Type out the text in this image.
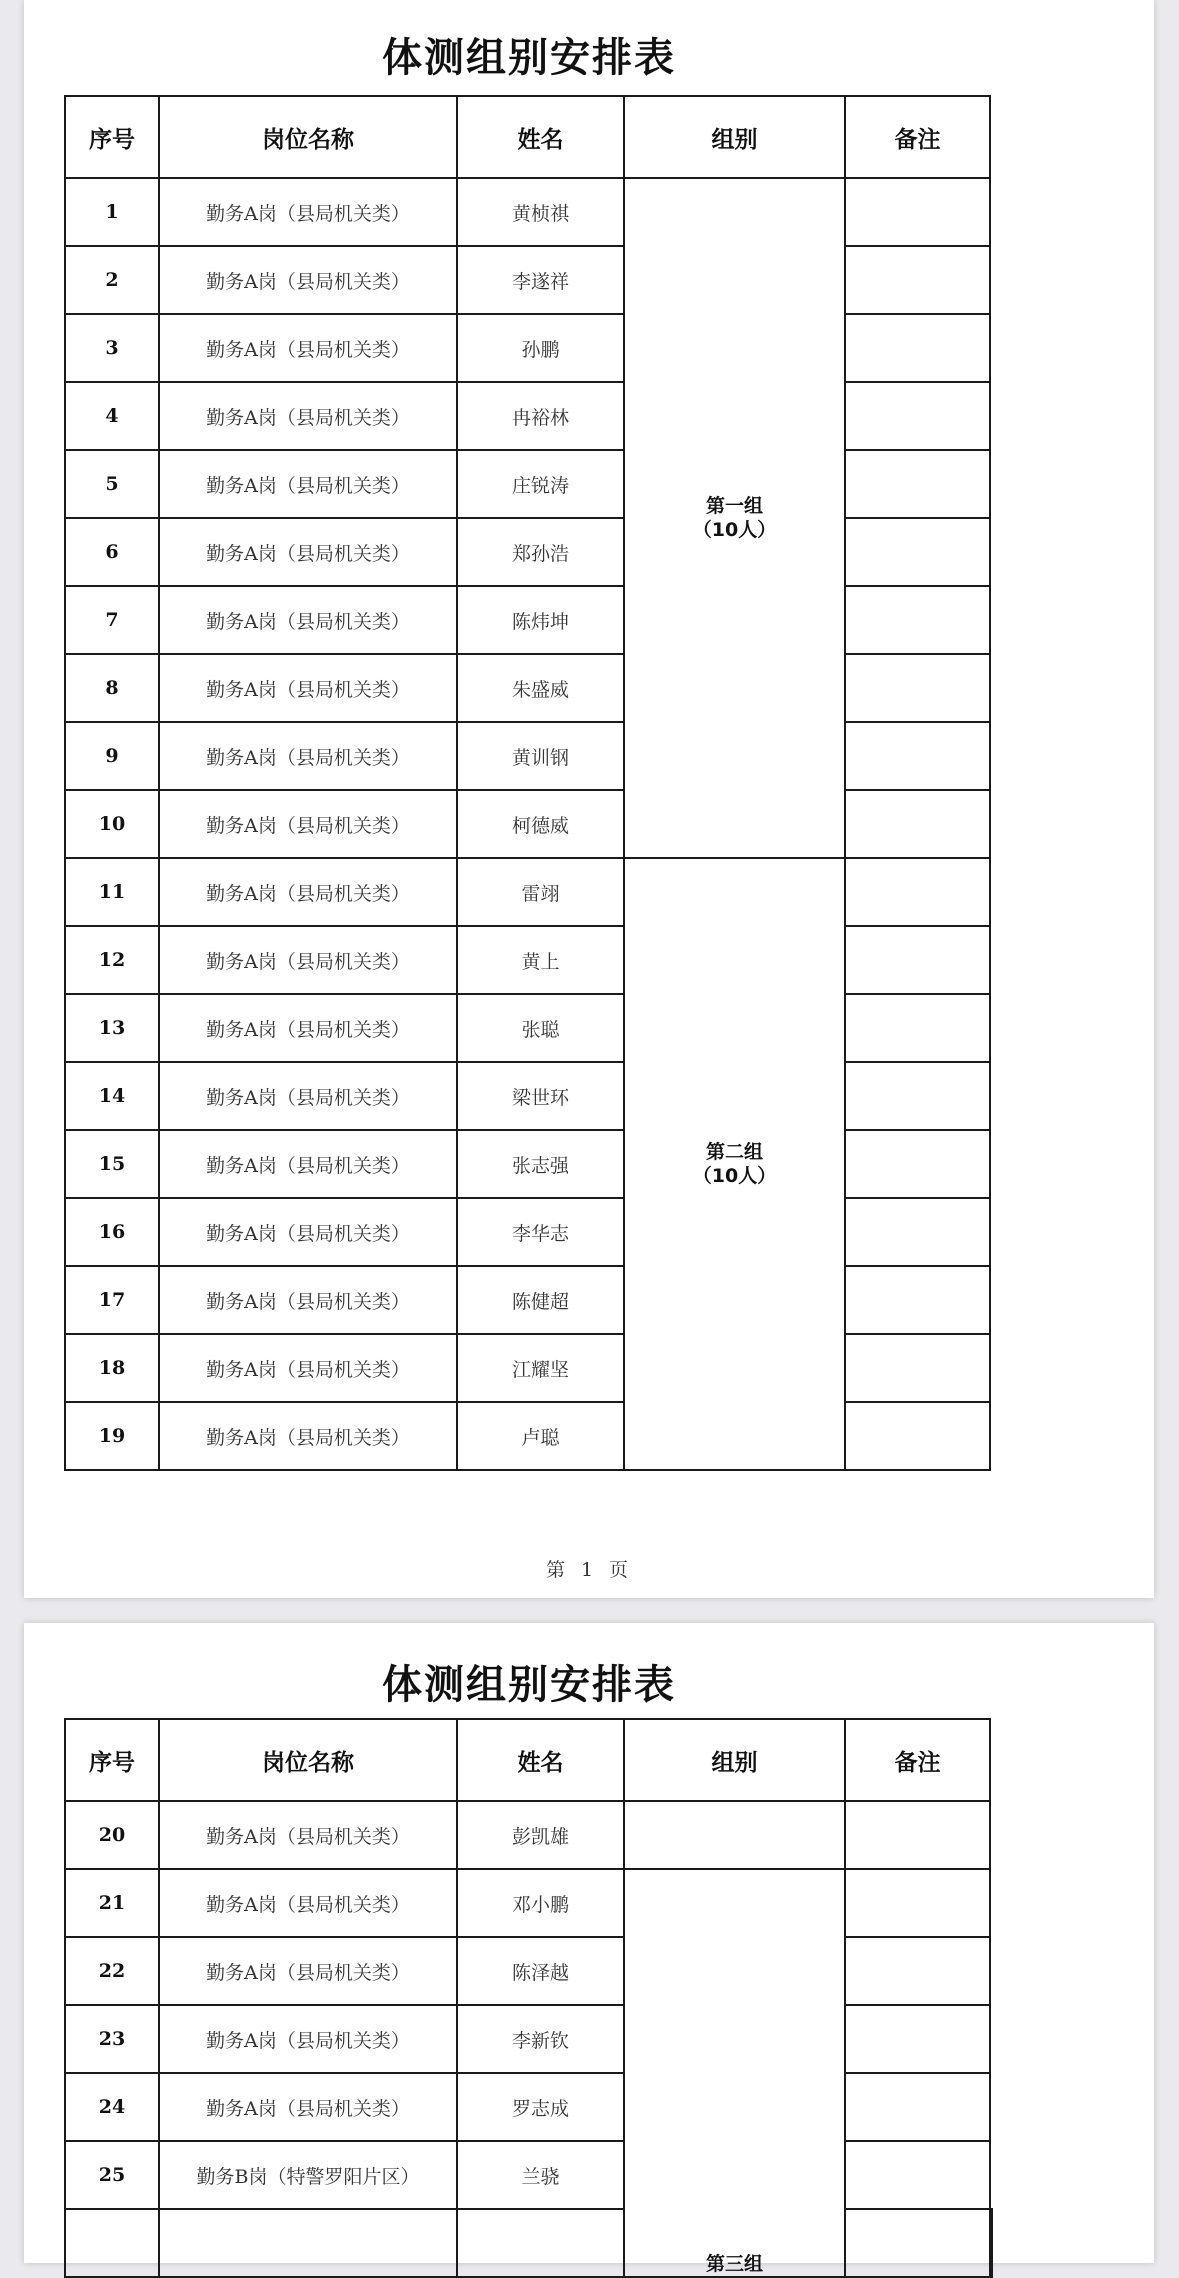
体测组别安排表
序号	岗位名称	姓名	组别	备注
1	勤务A岗（县局机关类）	黄桢祺	第一组
（10人）	

2	勤务A岗（县局机关类）	李遂祥		
3	勤务A岗（县局机关类）	孙鹏		
4	勤务A岗（县局机关类）	冉裕林		
5	勤务A岗（县局机关类）	庄锐涛		
6	勤务A岗（县局机关类）	郑孙浩		
7	勤务A岗（县局机关类）	陈炜坤		
8	勤务A岗（县局机关类）	朱盛威		
9	勤务A岗（县局机关类）	黄训钢		
10	勤务A岗（县局机关类）	柯德威		
11	勤务A岗（县局机关类）	雷翊	第二组
（10人）	

12	勤务A岗（县局机关类）	黄上		
13	勤务A岗（县局机关类）	张聪		
14	勤务A岗（县局机关类）	梁世环		
15	勤务A岗（县局机关类）	张志强		
16	勤务A岗（县局机关类）	李华志		
17	勤务A岗（县局机关类）	陈健超		
18	勤务A岗（县局机关类）	江耀坚		
19	勤务A岗（县局机关类）	卢聪		
第 1 页
体测组别安排表
序号	岗位名称	姓名	组别	备注	
20	勤务A岗（县局机关类）	彭凯雄			
21	勤务A岗（县局机关类）	邓小鹏	第三组		

22	勤务A岗（县局机关类）	陈泽越			
23	勤务A岗（县局机关类）	李新钦			
24	勤务A岗（县局机关类）	罗志成			
25	勤务B岗（特警罗阳片区）	兰骁			
